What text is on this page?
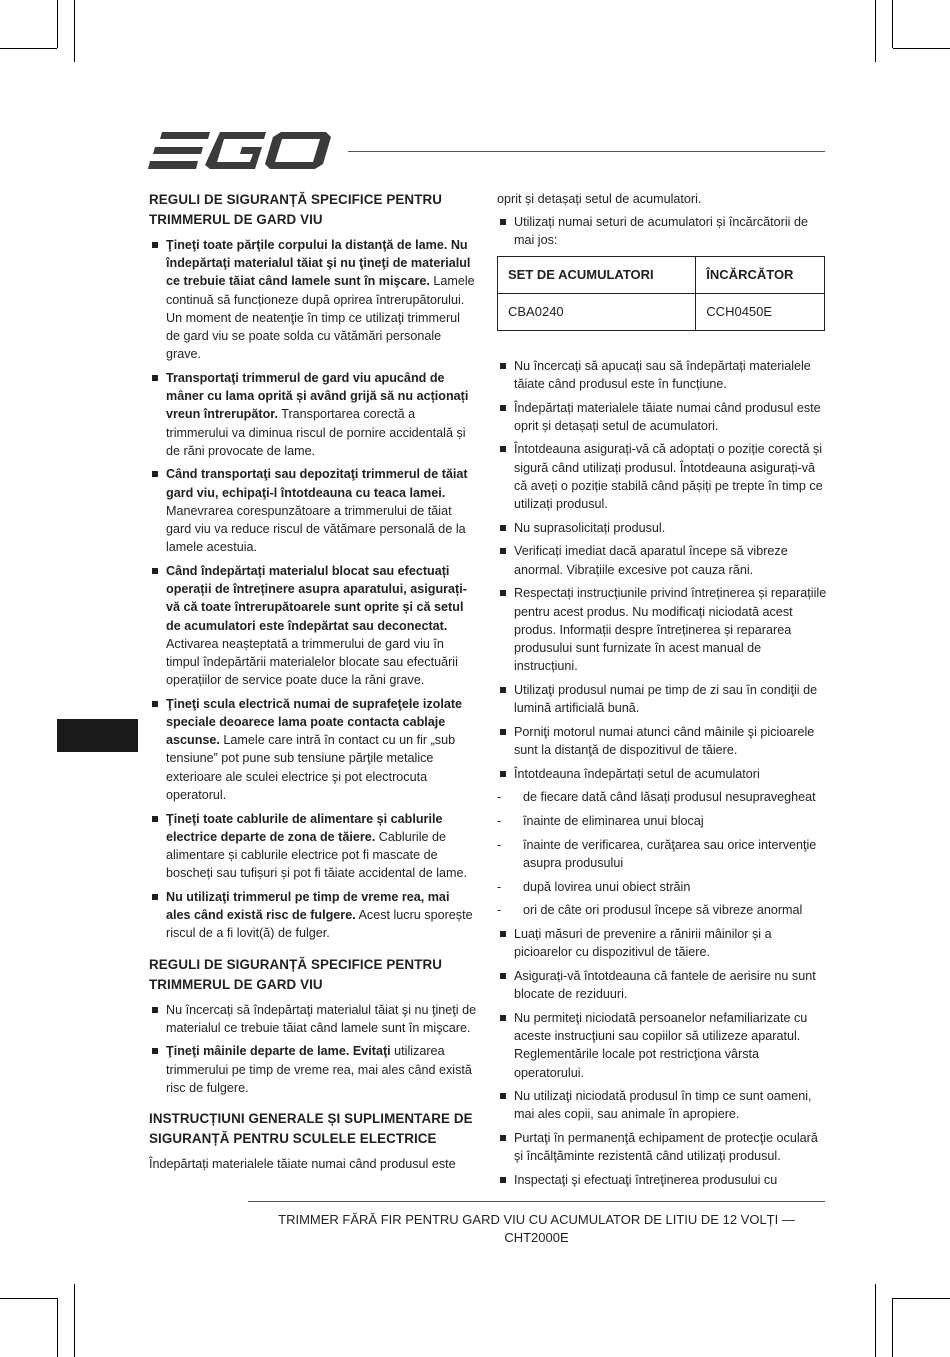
REGULI DE SIGURANȚĂ SPECIFICE PENTRU TRIMMERUL DE GARD VIU
Ţineţi toate părţile corpului la distanţă de lame. Nu îndepărtaţi materialul tăiat şi nu ţineţi de materialul ce trebuie tăiat când lamele sunt în mişcare. Lamele continuă să funcționeze după oprirea întrerupătorului. Un moment de neatenţie în timp ce utilizaţi trimmerul de gard viu se poate solda cu vătămări personale grave.
Transportaţi trimmerul de gard viu apucând de mâner cu lama oprită și având grijă să nu acționați vreun întrerupător. Transportarea corectă a trimmerului va diminua riscul de pornire accidentală și de răni provocate de lame.
Când transportaţi sau depozitaţi trimmerul de tăiat gard viu, echipaţi-l întotdeauna cu teaca lamei. Manevrarea corespunzătoare a trimmerului de tăiat gard viu va reduce riscul de vătămare personală de la lamele acestuia.
Când îndepărtați materialul blocat sau efectuați operații de întreținere asupra aparatului, asigurați-vă că toate întrerupătoarele sunt oprite și că setul de acumulatori este îndepărtat sau deconectat. Activarea neașteptată a trimmerului de gard viu în timpul îndepărtării materialelor blocate sau efectuării operațiilor de service poate duce la răni grave.
Ţineţi scula electrică numai de suprafeţele izolate speciale deoarece lama poate contacta cablaje ascunse. Lamele care intră în contact cu un fir „sub tensiune” pot pune sub tensiune părţile metalice exterioare ale sculei electrice şi pot electrocuta operatorul.
Ţineţi toate cablurile de alimentare și cablurile electrice departe de zona de tăiere. Cablurile de alimentare și cablurile electrice pot fi mascate de boscheți sau tufișuri și pot fi tăiate accidental de lame.
Nu utilizaţi trimmerul pe timp de vreme rea, mai ales când există risc de fulgere. Acest lucru sporește riscul de a fi lovit(ă) de fulger.
REGULI DE SIGURANȚĂ SPECIFICE PENTRU TRIMMERUL DE GARD VIU
Nu încercați să îndepărtaţi materialul tăiat şi nu ţineţi de materialul ce trebuie tăiat când lamele sunt în mişcare.
Ţineţi mâinile departe de lame. Evitaţi utilizarea trimmerului pe timp de vreme rea, mai ales când există risc de fulgere.
INSTRUCȚIUNI GENERALE ȘI SUPLIMENTARE DE SIGURANȚĂ PENTRU SCULELE ELECTRICE

Îndepărtați materialele tăiate numai când produsul este

oprit și detașați setul de acumulatori.

Utilizați numai seturi de acumulatori și încărcătorii de mai jos:
SET DE ACUMULATORI	ÎNCĂRCĂTOR
CBA0240	CCH0450E
Nu încercați să apucați sau să îndepărtați materialele tăiate când produsul este în funcțiune.
Îndepărtați materialele tăiate numai când produsul este oprit și detașați setul de acumulatori.
Întotdeauna asigurați-vă că adoptați o poziție corectă și sigură când utilizați produsul. Întotdeauna asigurați-vă că aveți o poziție stabilă când pășiți pe trepte în timp ce utilizați produsul.
Nu suprasolicitați produsul.
Verificați imediat dacă aparatul începe să vibreze anormal. Vibrațiile excesive pot cauza răni.
Respectați instrucțiunile privind întreținerea și reparațiile pentru acest produs. Nu modificați niciodată acest produs. Informații despre întreținerea și repararea produsului sunt furnizate în acest manual de instrucțiuni.
Utilizaţi produsul numai pe timp de zi sau în condiţii de lumină artificială bună.
Porniţi motorul numai atunci când mâinile şi picioarele sunt la distanţă de dispozitivul de tăiere.
Întotdeauna îndepărtați setul de acumulatori
- de fiecare dată când lăsați produsul nesupravegheat
- înainte de eliminarea unui blocaj
- înainte de verificarea, curăţarea sau orice intervenţie asupra produsului
- după lovirea unui obiect străin
- ori de câte ori produsul începe să vibreze anormal
Luați măsuri de prevenire a rănirii mâinilor și a picioarelor cu dispozitivul de tăiere.
Asigurați-vă întotdeauna că fantele de aerisire nu sunt blocate de reziduuri.
Nu permiteţi niciodată persoanelor nefamiliarizate cu aceste instrucţiuni sau copiilor să utilizeze aparatul. Reglementările locale pot restricţiona vârsta operatorului.
Nu utilizaţi niciodată produsul în timp ce sunt oameni, mai ales copii, sau animale în apropiere.
Purtaţi în permanenţă echipament de protecţie oculară şi încălţăminte rezistentă când utilizaţi produsul.
Inspectaţi şi efectuaţi întreţinerea produsului cu
TRIMMER FĂRĂ FIR PENTRU GARD VIU CU ACUMULATOR DE LITIU DE 12 VOLȚI — CHT2000E
